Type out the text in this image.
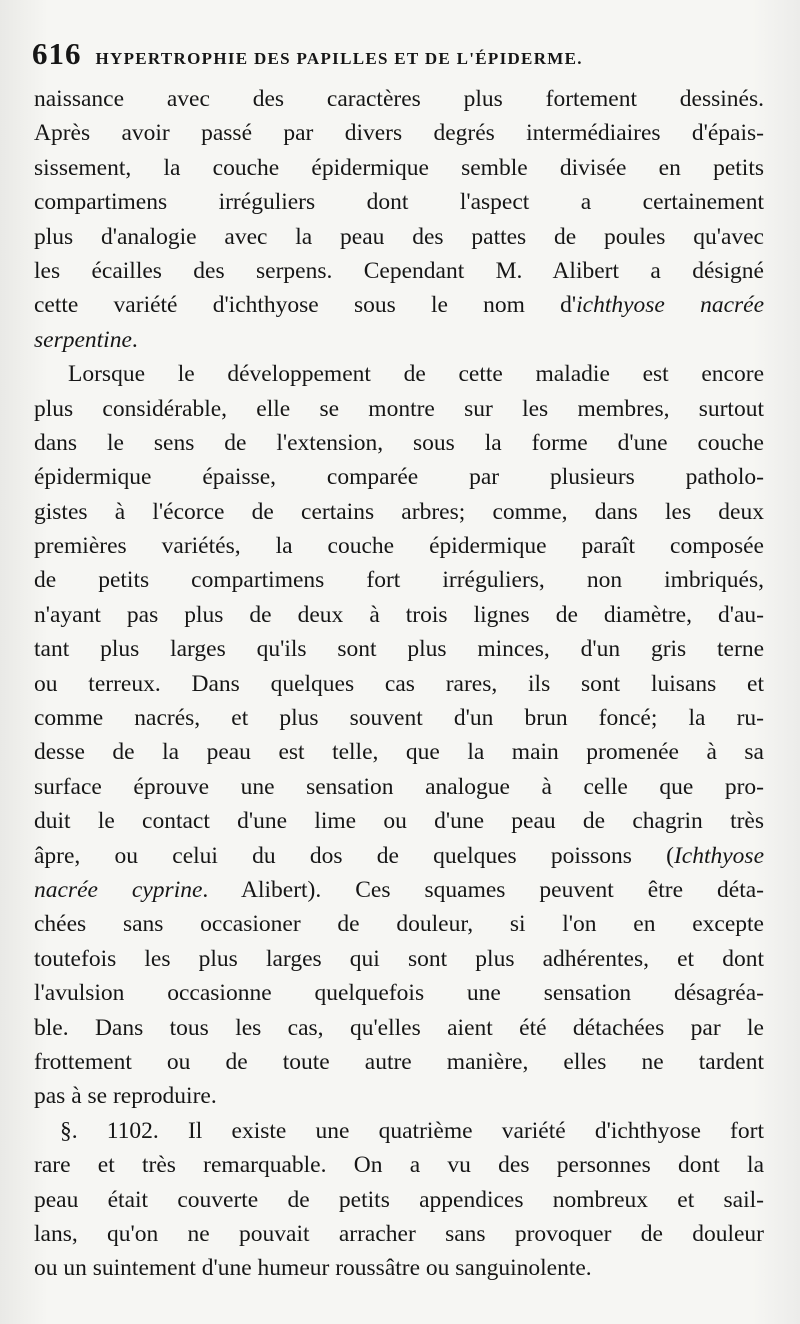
616 HYPERTROPHIE DES PAPILLES ET DE L'ÉPIDERME.
naissance avec des caractères plus fortement dessinés.
Après avoir passé par divers degrés intermédiaires d'épais-
sissement, la couche épidermique semble divisée en petits
compartimens irréguliers dont l'aspect a certainement
plus d'analogie avec la peau des pattes de poules qu'avec
les écailles des serpens. Cependant M. Alibert a désigné
cette variété d'ichthyose sous le nom d'ichthyose nacrée
serpentine.
Lorsque le développement de cette maladie est encore
plus considérable, elle se montre sur les membres, surtout
dans le sens de l'extension, sous la forme d'une couche
épidermique épaisse, comparée par plusieurs patholo-
gistes à l'écorce de certains arbres; comme, dans les deux
premières variétés, la couche épidermique paraît composée
de petits compartimens fort irréguliers, non imbriqués,
n'ayant pas plus de deux à trois lignes de diamètre, d'au-
tant plus larges qu'ils sont plus minces, d'un gris terne
ou terreux. Dans quelques cas rares, ils sont luisans et
comme nacrés, et plus souvent d'un brun foncé; la ru-
desse de la peau est telle, que la main promenée à sa
surface éprouve une sensation analogue à celle que pro-
duit le contact d'une lime ou d'une peau de chagrin très
âpre, ou celui du dos de quelques poissons (Ichthyose
nacrée cyprine. Alibert). Ces squames peuvent être déta-
chées sans occasioner de douleur, si l'on en excepte
toutefois les plus larges qui sont plus adhérentes, et dont
l'avulsion occasionne quelquefois une sensation désagréa-
ble. Dans tous les cas, qu'elles aient été détachées par le
frottement ou de toute autre manière, elles ne tardent
pas à se reproduire.
§. 1102. Il existe une quatrième variété d'ichthyose fort
rare et très remarquable. On a vu des personnes dont la
peau était couverte de petits appendices nombreux et sail-
lans, qu'on ne pouvait arracher sans provoquer de douleur
ou un suintement d'une humeur roussâtre ou sanguinolente.
